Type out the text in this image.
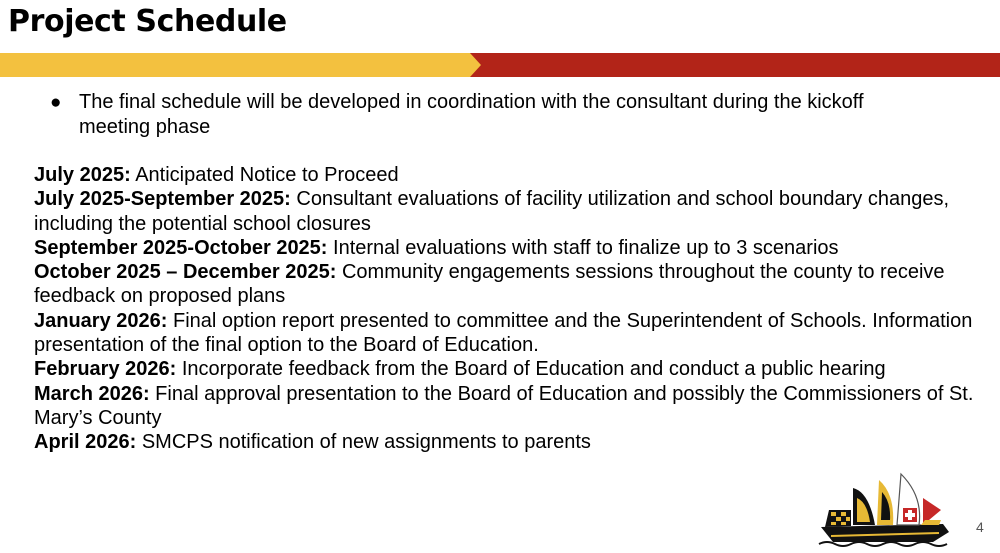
Project Schedule
● The final schedule will be developed in coordination with the consultant during the kickoff meeting phase

July 2025: Anticipated Notice to Proceed

July 2025-September 2025: Consultant evaluations of facility utilization and school boundary changes, including the potential school closures

September 2025-October 2025: Internal evaluations with staff to finalize up to 3 scenarios

October 2025 – December 2025: Community engagements sessions throughout the county to receive feedback on proposed plans

January 2026: Final option report presented to committee and the Superintendent of Schools. Information presentation of the final option to the Board of Education.

February 2026: Incorporate feedback from the Board of Education and conduct a public hearing

March 2026: Final approval presentation to the Board of Education and possibly the Commissioners of St. Mary’s County

April 2026: SMCPS notification of new assignments to parents

4
